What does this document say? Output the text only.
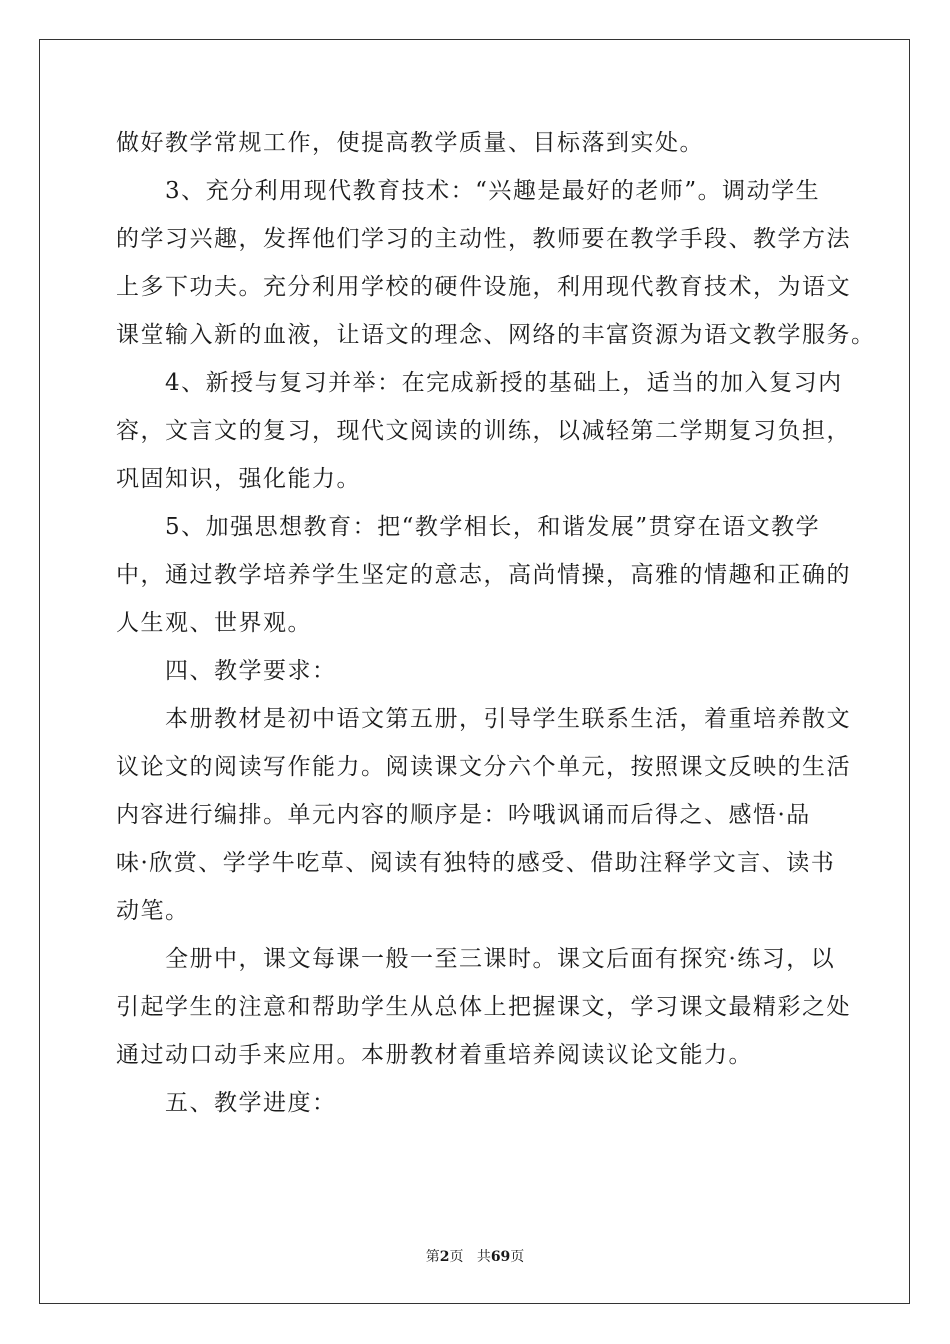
做好教学常规工作，使提高教学质量、目标落到实处。
　　3、充分利用现代教育技术：“兴趣是最好的老师”。调动学生
的学习兴趣，发挥他们学习的主动性，教师要在教学手段、教学方法
上多下功夫。充分利用学校的硬件设施，利用现代教育技术，为语文
课堂输入新的血液，让语文的理念、网络的丰富资源为语文教学服务。
　　4、新授与复习并举：在完成新授的基础上，适当的加入复习内
容，文言文的复习，现代文阅读的训练，以减轻第二学期复习负担，
巩固知识，强化能力。
　　5、加强思想教育：把“教学相长，和谐发展”贯穿在语文教学
中，通过教学培养学生坚定的意志，高尚情操，高雅的情趣和正确的
人生观、世界观。
　　四、教学要求：
　　本册教材是初中语文第五册，引导学生联系生活，着重培养散文
议论文的阅读写作能力。阅读课文分六个单元，按照课文反映的生活
内容进行编排。单元内容的顺序是：吟哦讽诵而后得之、感悟·品
味·欣赏、学学牛吃草、阅读有独特的感受、借助注释学文言、读书
动笔。
　　全册中，课文每课一般一至三课时。课文后面有探究·练习，以
引起学生的注意和帮助学生从总体上把握课文，学习课文最精彩之处
通过动口动手来应用。本册教材着重培养阅读议论文能力。
　　五、教学进度：
第2页 共69页
